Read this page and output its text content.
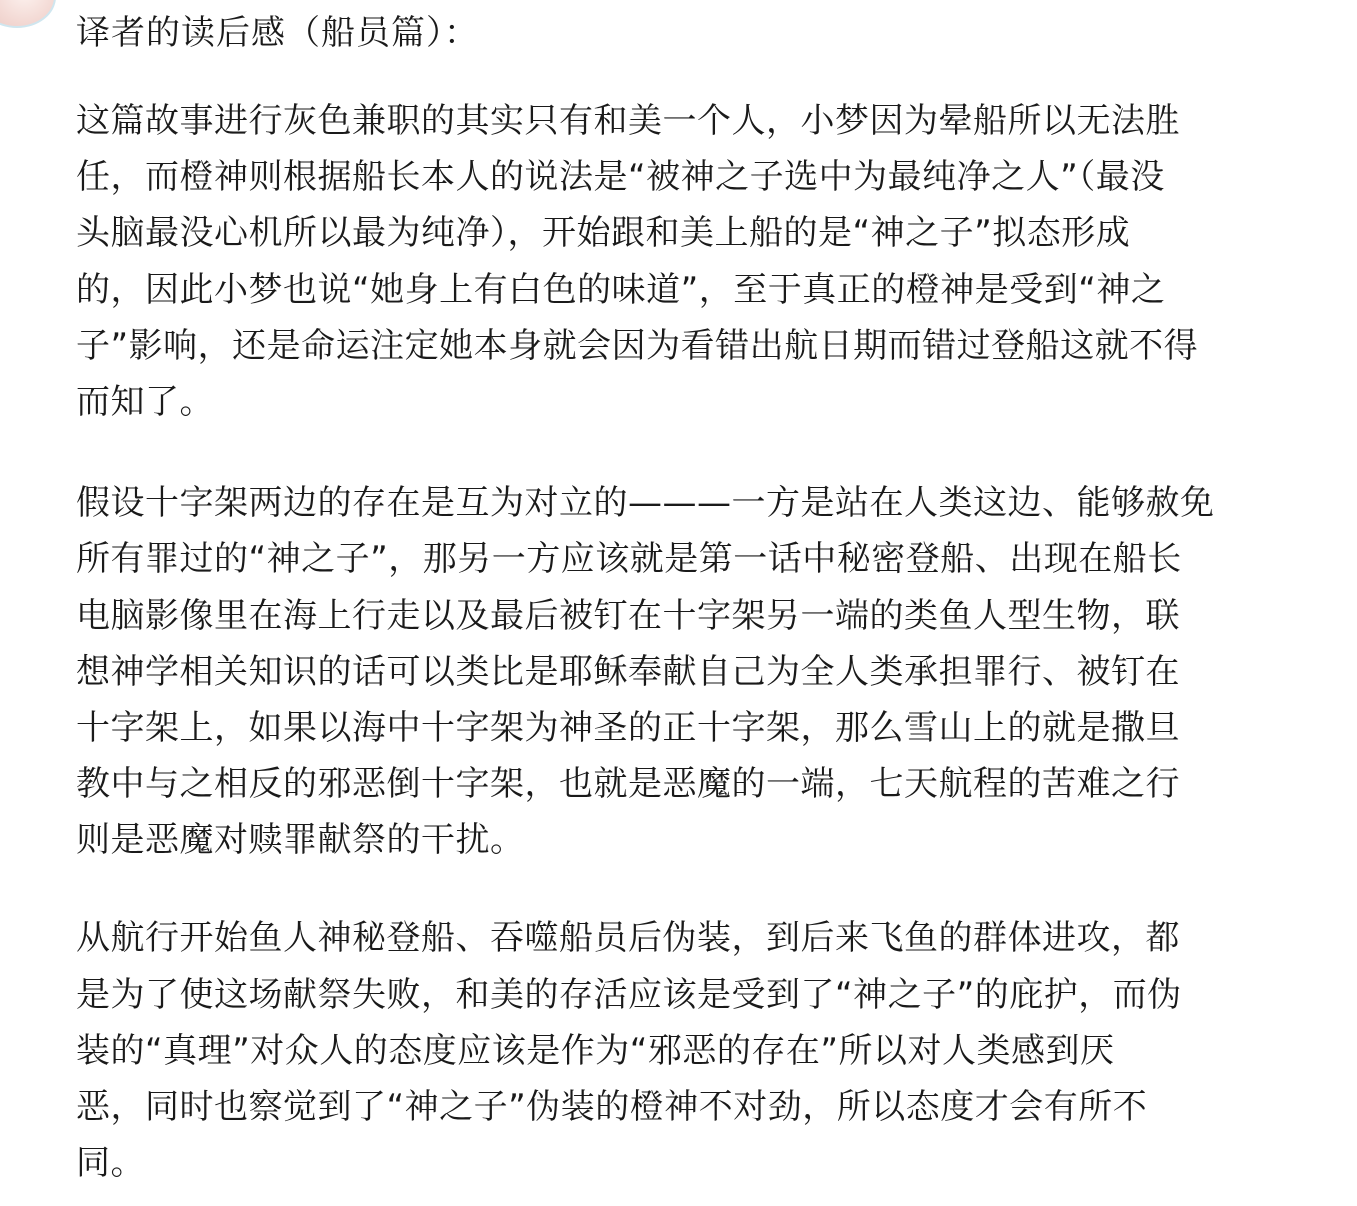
译者的读后感（船员篇）：
这篇故事进行灰色兼职的其实只有和美一个人，小梦因为晕船所以无法胜
任，而橙神则根据船长本人的说法是“被神之子选中为最纯净之人”（最没
头脑最没心机所以最为纯净），开始跟和美上船的是“神之子”拟态形成
的，因此小梦也说“她身上有白色的味道”，至于真正的橙神是受到“神之
子”影响，还是命运注定她本身就会因为看错出航日期而错过登船这就不得
而知了。
假设十字架两边的存在是互为对立的———一方是站在人类这边、能够赦免
所有罪过的“神之子”，那另一方应该就是第一话中秘密登船、出现在船长
电脑影像里在海上行走以及最后被钉在十字架另一端的类鱼人型生物，联
想神学相关知识的话可以类比是耶稣奉献自己为全人类承担罪行、被钉在
十字架上，如果以海中十字架为神圣的正十字架，那么雪山上的就是撒旦
教中与之相反的邪恶倒十字架，也就是恶魔的一端，七天航程的苦难之行
则是恶魔对赎罪献祭的干扰。
从航行开始鱼人神秘登船、吞噬船员后伪装，到后来飞鱼的群体进攻，都
是为了使这场献祭失败，和美的存活应该是受到了“神之子”的庇护，而伪
装的“真理”对众人的态度应该是作为“邪恶的存在”所以对人类感到厌
恶，同时也察觉到了“神之子”伪装的橙神不对劲，所以态度才会有所不
同。
